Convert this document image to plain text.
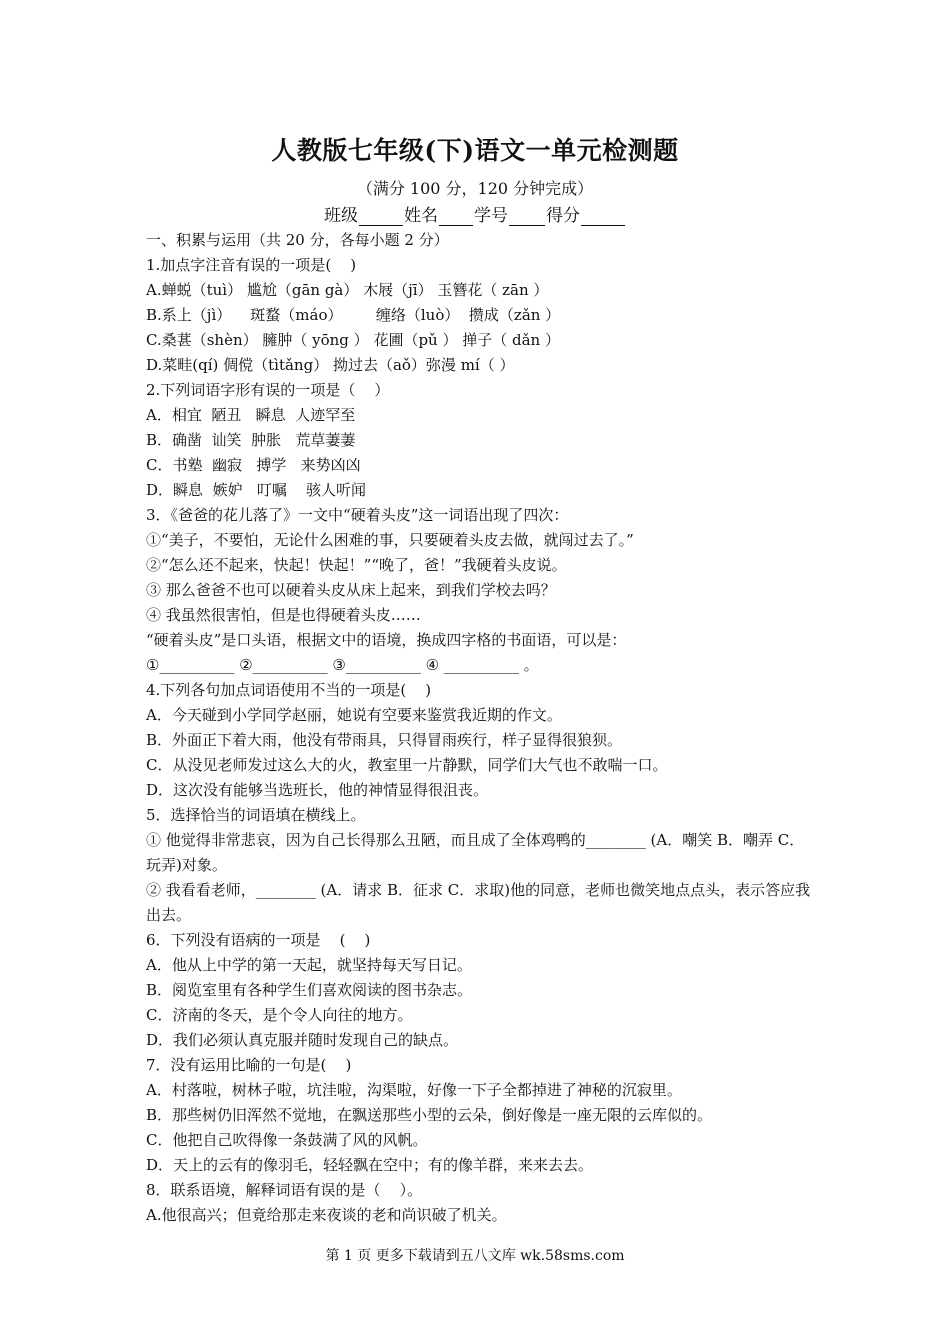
人教版七年级(下)语文一单元检测题
（满分 100 分，120 分钟完成）
班级	姓名 学号 得分
一、积累与运用（共 20 分，各每小题 2 分）
1.加点字注音有误的一项是(    )
A.蝉蜕（tuì） 尴尬（gān gà） 木屐（jī） 玉簪花（ zān ）
B.系上（jì）    斑蝥（máo）       缠络（luò）  攒成（zǎn ）
C.桑葚（shèn） 臃肿（ yōng ） 花圃（pǔ ） 掸子（ dǎn ）
D.菜畦(qí) 倜傥（tìtǎng） 拗过去（aǒ）弥漫 mí（ ）
2.下列词语字形有误的一项是（    ）
A．相宜  陋丑   瞬息  人迹罕至
B．确凿  讪笑  肿胀   荒草萋萋
C．书塾  幽寂   搏学   来势凶凶
D．瞬息  嫉妒   叮嘱    骇人听闻
3．《爸爸的花儿落了》一文中“硬着头皮”这一词语出现了四次：
①“美子，不要怕，无论什么困难的事，只要硬着头皮去做，就闯过去了。”
②“怎么还不起来，快起！快起！”“晚了，爸！”我硬着头皮说。
③ 那么爸爸不也可以硬着头皮从床上起来，到我们学校去吗？
④ 我虽然很害怕，但是也得硬着头皮……
“硬着头皮”是口头语，根据文中的语境，换成四字格的书面语，可以是：
①__________ ②__________ ③__________ ④ __________ 。
4.下列各句加点词语使用不当的一项是(    )
A．今天碰到小学同学赵丽，她说有空要来鉴赏我近期的作文。
B．外面正下着大雨，他没有带雨具，只得冒雨疾行，样子显得很狼狈。
C．从没见老师发过这么大的火，教室里一片静默，同学们大气也不敢喘一口。
D．这次没有能够当选班长，他的神情显得很沮丧。
5．选择恰当的词语填在横线上。
① 他觉得非常悲哀，因为自己长得那么丑陋，而且成了全体鸡鸭的________ (A．嘲笑 B．嘲弄 C．玩弄)对象。
② 我看看老师，________ (A．请求 B．征求 C．求取)他的同意，老师也微笑地点点头，表示答应我出去。
6．下列没有语病的一项是    (    )
A．他从上中学的第一天起，就坚持每天写日记。
B．阅览室里有各种学生们喜欢阅读的图书杂志。
C．济南的冬天，是个令人向往的地方。
D．我们必须认真克服并随时发现自己的缺点。
7．没有运用比喻的一句是(    )
A．村落啦，树林子啦，坑洼啦，沟渠啦，好像一下子全都掉进了神秘的沉寂里。
B．那些树仍旧浑然不觉地，在飘送那些小型的云朵，倒好像是一座无限的云库似的。
C．他把自己吹得像一条鼓满了风的风帆。
D．天上的云有的像羽毛，轻轻飘在空中；有的像羊群，来来去去。
8．联系语境，解释词语有误的是（    ）。
A.他很高兴；但竟给那走来夜谈的老和尚识破了机关。
第 1 页 更多下载请到五八文库 wk.58sms.com
